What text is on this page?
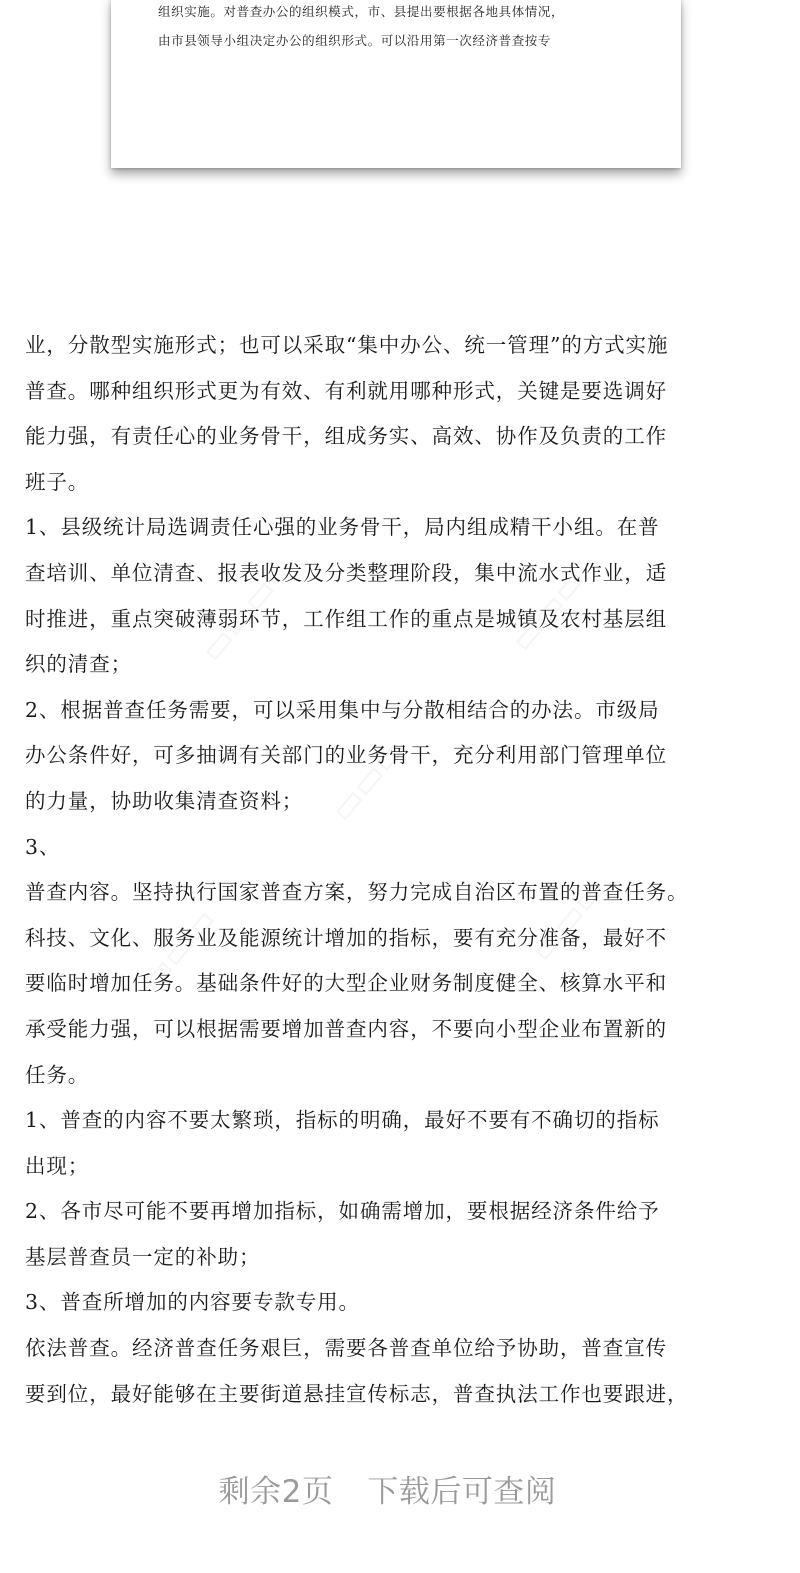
组织实施。对普查办公的组织模式，市、县提出要根据各地具体情况，
由市县领导小组决定办公的组织形式。可以沿用第一次经济普查按专
▭▭▭	▭▭▭
▭▭▭
▭▭▭	▭▭▭
业，分散型实施形式；也可以采取“集中办公、统一管理”的方式实施
普查。哪种组织形式更为有效、有利就用哪种形式，关键是要选调好
能力强，有责任心的业务骨干，组成务实、高效、协作及负责的工作
班子。
1、县级统计局选调责任心强的业务骨干，局内组成精干小组。在普
查培训、单位清查、报表收发及分类整理阶段，集中流水式作业，适
时推进，重点突破薄弱环节，工作组工作的重点是城镇及农村基层组
织的清查；
2、根据普查任务需要，可以采用集中与分散相结合的办法。市级局
办公条件好，可多抽调有关部门的业务骨干，充分利用部门管理单位
的力量，协助收集清查资料；
3、
普查内容。坚持执行国家普查方案，努力完成自治区布置的普查任务。
科技、文化、服务业及能源统计增加的指标，要有充分准备，最好不
要临时增加任务。基础条件好的大型企业财务制度健全、核算水平和
承受能力强，可以根据需要增加普查内容，不要向小型企业布置新的
任务。
1、普查的内容不要太繁琐，指标的明确，最好不要有不确切的指标
出现；
2、各市尽可能不要再增加指标，如确需增加，要根据经济条件给予
基层普查员一定的补助；
3、普查所增加的内容要专款专用。
依法普查。经济普查任务艰巨，需要各普查单位给予协助，普查宣传
要到位，最好能够在主要街道悬挂宣传标志，普查执法工作也要跟进，
剩余2页 下载后可查阅
